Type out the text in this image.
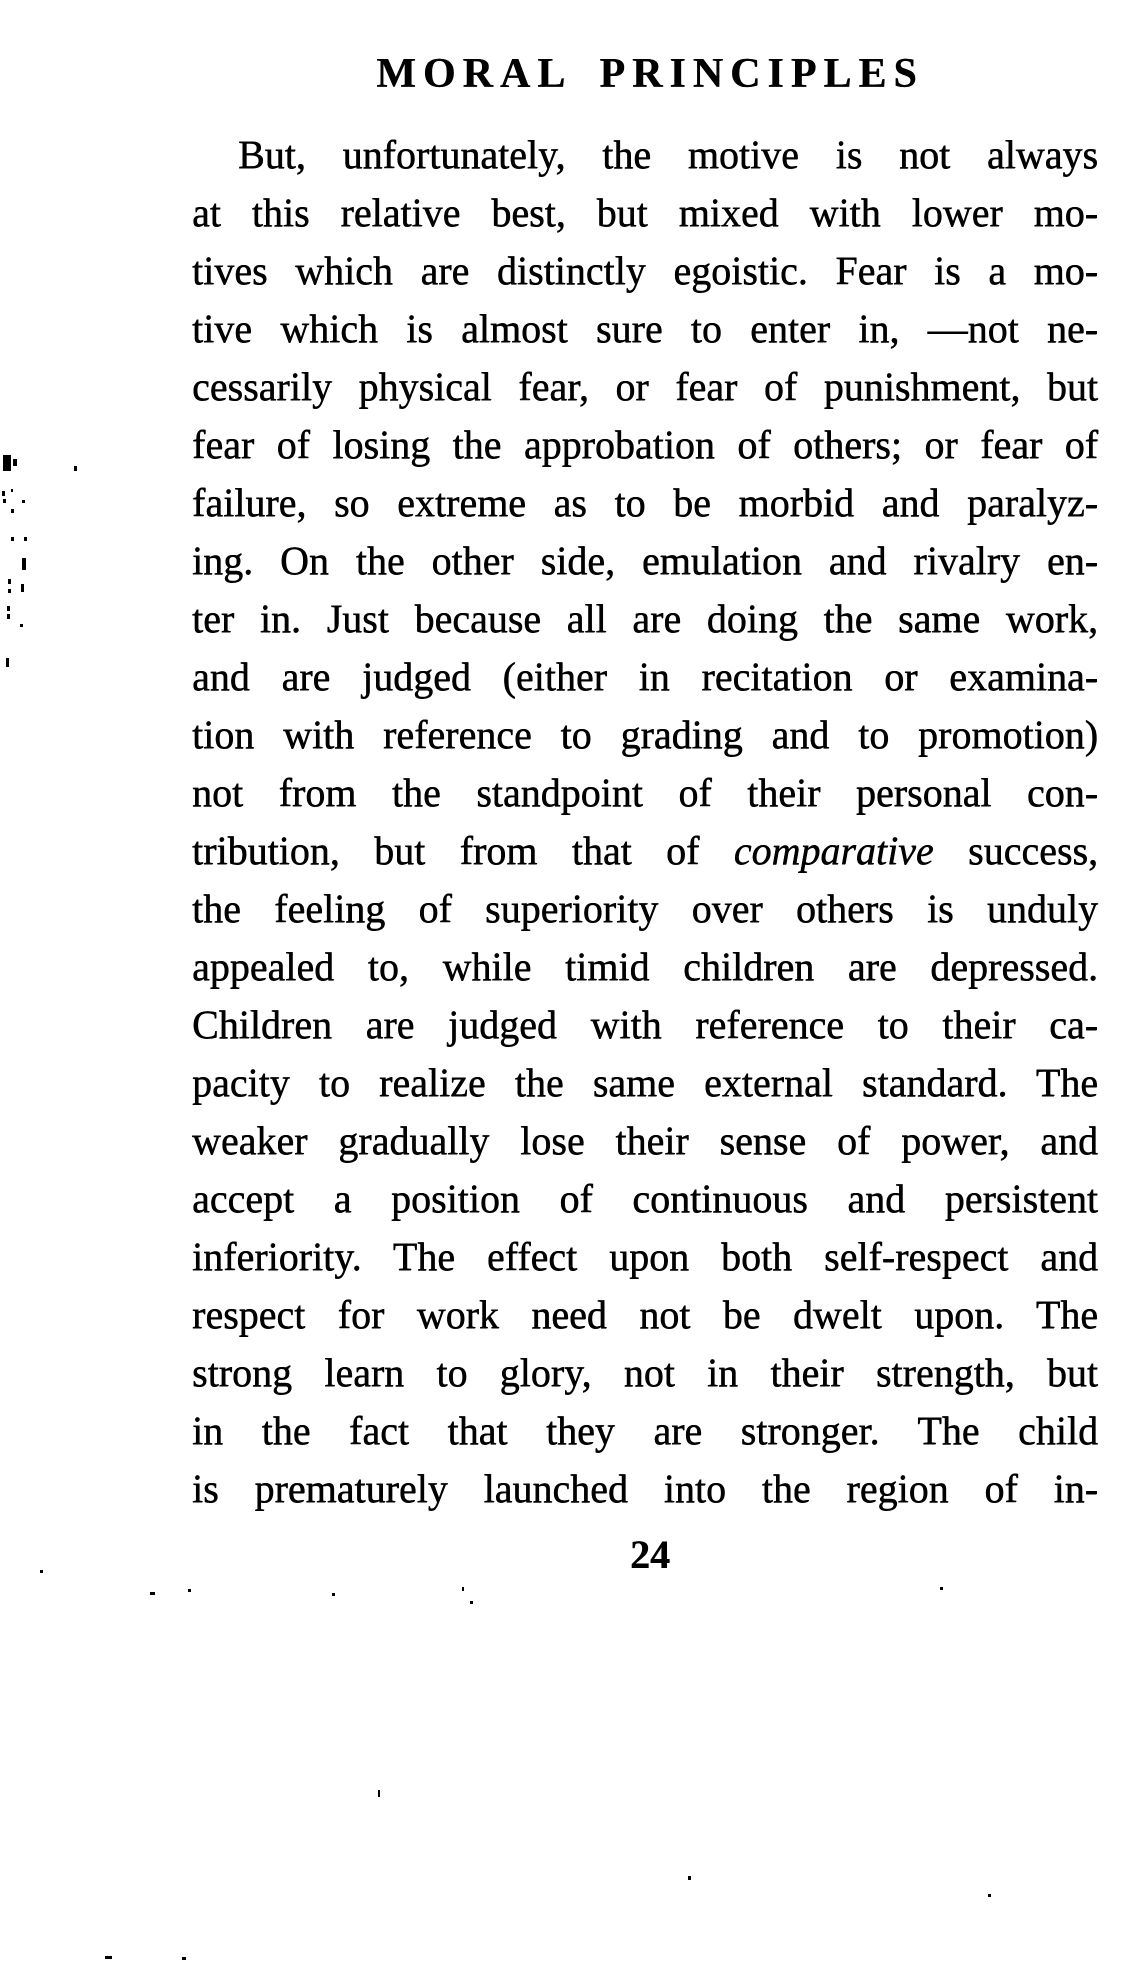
MORAL PRINCIPLES
But, unfortunately, the motive is not always
at this relative best, but mixed with lower mo-
tives which are distinctly egoistic. Fear is a mo-
tive which is almost sure to enter in, —not ne-
cessarily physical fear, or fear of punishment, but
fear of losing the approbation of others; or fear of
failure, so extreme as to be morbid and paralyz-
ing. On the other side, emulation and rivalry en-
ter in. Just because all are doing the same work,
and are judged (either in recitation or examina-
tion with reference to grading and to promotion)
not from the standpoint of their personal con-
tribution, but from that of comparative success,
the feeling of superiority over others is unduly
appealed to, while timid children are depressed.
Children are judged with reference to their ca-
pacity to realize the same external standard. The
weaker gradually lose their sense of power, and
accept a position of continuous and persistent
inferiority. The effect upon both self-respect and
respect for work need not be dwelt upon. The
strong learn to glory, not in their strength, but
in the fact that they are stronger. The child
is prematurely launched into the region of in-
24
